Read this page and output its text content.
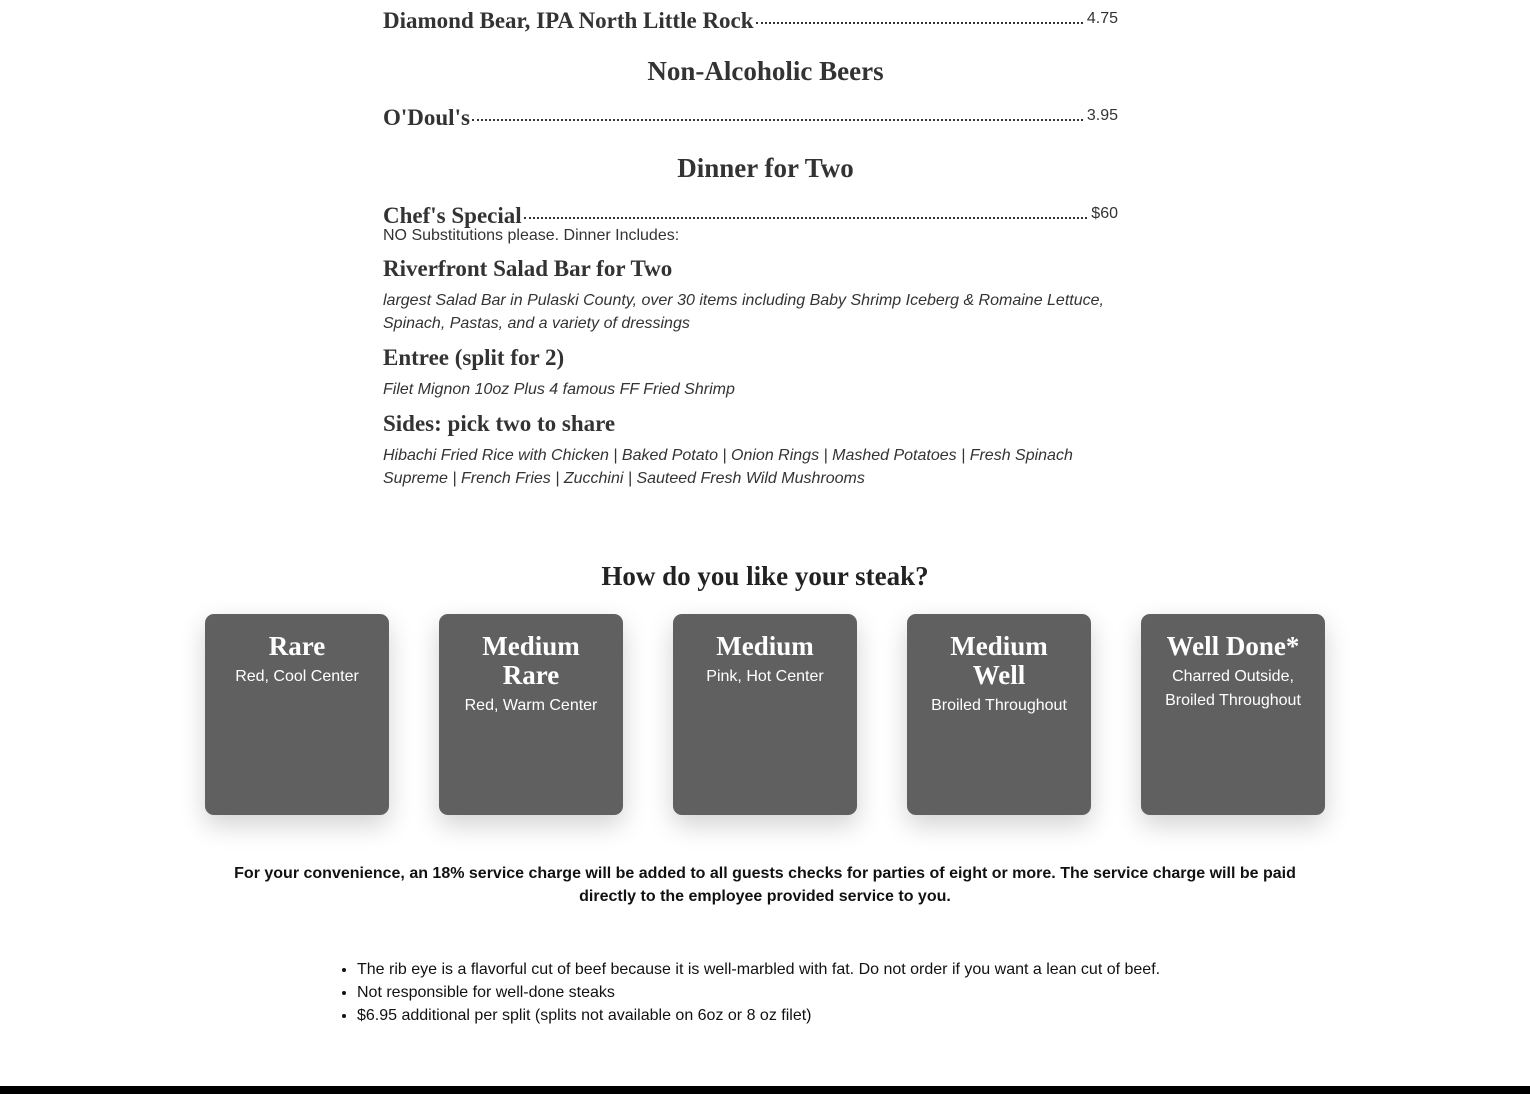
Diamond Bear, IPA North Little Rock	4.75
Non-Alcoholic Beers
O'Doul's	3.95
Dinner for Two
Chef's Special	$60
NO Substitutions please. Dinner Includes:
Riverfront Salad Bar for Two
largest Salad Bar in Pulaski County, over 30 items including Baby Shrimp Iceberg & Romaine Lettuce, Spinach, Pastas, and a variety of dressings
Entree (split for 2)
Filet Mignon 10oz Plus 4 famous FF Fried Shrimp
Sides: pick two to share
Hibachi Fried Rice with Chicken | Baked Potato | Onion Rings | Mashed Potatoes | Fresh Spinach Supreme | French Fries | Zucchini | Sauteed Fresh Wild Mushrooms
How do you like your steak?
Rare
Red, Cool Center
Medium Rare
Red, Warm Center
Medium
Pink, Hot Center
Medium Well
Broiled Throughout
Well Done*
Charred Outside, Broiled Throughout
For your convenience, an 18% service charge will be added to all guests checks for parties of eight or more. The service charge will be paid directly to the employee provided service to you.
• The rib eye is a flavorful cut of beef because it is well-marbled with fat. Do not order if you want a lean cut of beef.
• Not responsible for well-done steaks
• $6.95 additional per split (splits not available on 6oz or 8 oz filet)
